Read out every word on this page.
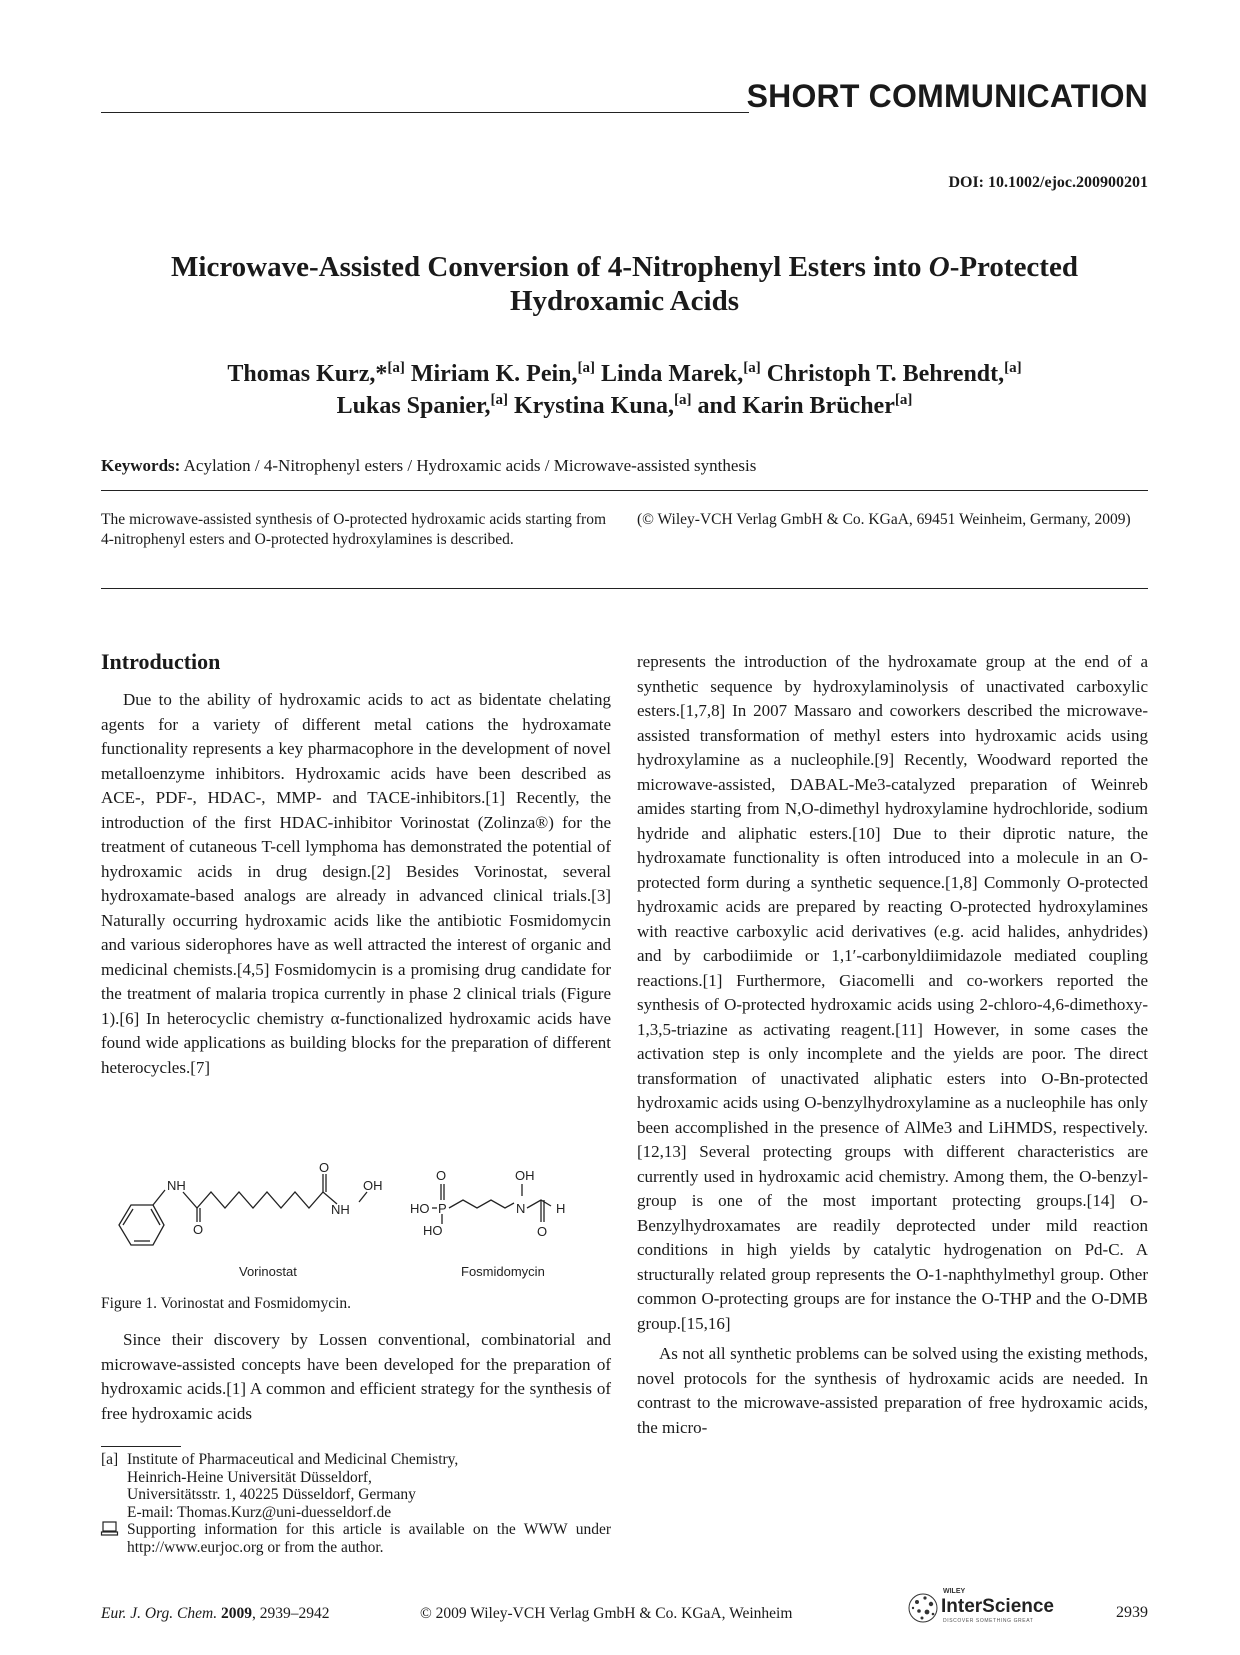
SHORT COMMUNICATION
DOI: 10.1002/ejoc.200900201
Microwave-Assisted Conversion of 4-Nitrophenyl Esters into O-Protected
Hydroxamic Acids
Thomas Kurz,*[a] Miriam K. Pein,[a] Linda Marek,[a] Christoph T. Behrendt,[a]
Lukas Spanier,[a] Krystina Kuna,[a] and Karin Brücher[a]
Keywords: Acylation / 4-Nitrophenyl esters / Hydroxamic acids / Microwave-assisted synthesis
The microwave-assisted synthesis of O-protected hydroxamic acids starting from 4-nitrophenyl esters and O-protected hydroxylamines is described.
(© Wiley-VCH Verlag GmbH & Co. KGaA, 69451 Weinheim, Germany, 2009)
Introduction

Due to the ability of hydroxamic acids to act as bidentate chelating agents for a variety of different metal cations the hydroxamate functionality represents a key pharmacophore in the development of novel metalloenzyme inhibitors. Hydroxamic acids have been described as ACE-, PDF-, HDAC-, MMP- and TACE-inhibitors.[1] Recently, the introduction of the first HDAC-inhibitor Vorinostat (Zolinza®) for the treatment of cutaneous T-cell lymphoma has demonstrated the potential of hydroxamic acids in drug design.[2] Besides Vorinostat, several hydroxamate-based analogs are already in advanced clinical trials.[3] Naturally occurring hydroxamic acids like the antibiotic Fosmidomycin and various siderophores have as well attracted the interest of organic and medicinal chemists.[4,5] Fosmidomycin is a promising drug candidate for the treatment of malaria tropica currently in phase 2 clinical trials (Figure 1).[6] In heterocyclic chemistry α-functionalized hydroxamic acids have found wide applications as building blocks for the preparation of different heterocycles.[7]

NH
O
O
NH
OH
O
HO P
HO
OH
N H
O
Vorinostat	Fosmidomycin
Figure 1. Vorinostat and Fosmidomycin.

Since their discovery by Lossen conventional, combinatorial and microwave-assisted concepts have been developed for the preparation of hydroxamic acids.[1] A common and efficient strategy for the synthesis of free hydroxamic acids

[a] Institute of Pharmaceutical and Medicinal Chemistry,
Heinrich-Heine Universität Düsseldorf,
Universitätsstr. 1, 40225 Düsseldorf, Germany
E-mail: Thomas.Kurz@uni-duesseldorf.de
Supporting information for this article is available on the WWW under http://www.eurjoc.org or from the author.

represents the introduction of the hydroxamate group at the end of a synthetic sequence by hydroxylaminolysis of unactivated carboxylic esters.[1,7,8] In 2007 Massaro and coworkers described the microwave-assisted transformation of methyl esters into hydroxamic acids using hydroxylamine as a nucleophile.[9] Recently, Woodward reported the microwave-assisted, DABAL-Me3-catalyzed preparation of Weinreb amides starting from N,O-dimethyl hydroxylamine hydrochloride, sodium hydride and aliphatic esters.[10] Due to their diprotic nature, the hydroxamate functionality is often introduced into a molecule in an O-protected form during a synthetic sequence.[1,8] Commonly O-protected hydroxamic acids are prepared by reacting O-protected hydroxylamines with reactive carboxylic acid derivatives (e.g. acid halides, anhydrides) and by carbodiimide or 1,1′-carbonyldiimidazole mediated coupling reactions.[1] Furthermore, Giacomelli and co-workers reported the synthesis of O-protected hydroxamic acids using 2-chloro-4,6-dimethoxy-1,3,5-triazine as activating reagent.[11] However, in some cases the activation step is only incomplete and the yields are poor. The direct transformation of unactivated aliphatic esters into O-Bn-protected hydroxamic acids using O-benzylhydroxylamine as a nucleophile has only been accomplished in the presence of AlMe3 and LiHMDS, respectively.[12,13] Several protecting groups with different characteristics are currently used in hydroxamic acid chemistry. Among them, the O-benzyl-group is one of the most important protecting groups.[14] O-Benzylhydroxamates are readily deprotected under mild reaction conditions in high yields by catalytic hydrogenation on Pd-C. A structurally related group represents the O-1-naphthylmethyl group. Other common O-protecting groups are for instance the O-THP and the O-DMB group.[15,16]

As not all synthetic problems can be solved using the existing methods, novel protocols for the synthesis of hydroxamic acids are needed. In contrast to the microwave-assisted preparation of free hydroxamic acids, the micro-

Eur. J. Org. Chem. 2009, 2939–2942	© 2009 Wiley-VCH Verlag GmbH & Co. KGaA, Weinheim
WILEY
InterScience
DISCOVER SOMETHING GREAT	2939
